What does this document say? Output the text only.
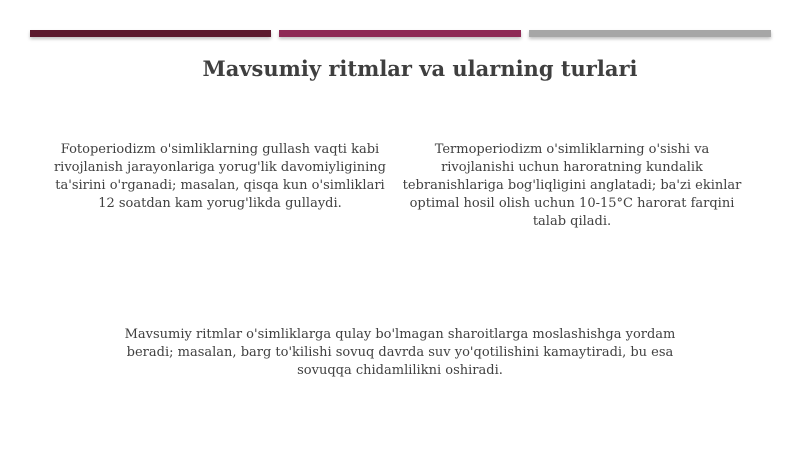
Mavsumiy ritmlar va ularning turlari

Fotoperiodizm o'simliklarning gullash vaqti kabi rivojlanish jarayonlariga yorug'lik davomiyligining ta'sirini o'rganadi; masalan, qisqa kun o'simliklari 12 soatdan kam yorug'likda gullaydi.

Termoperiodizm o'simliklarning o'sishi va rivojlanishi uchun haroratning kundalik tebranishlariga bog'liqligini anglatadi; ba'zi ekinlar optimal hosil olish uchun 10-15°C harorat farqini talab qiladi.

Mavsumiy ritmlar o'simliklarga qulay bo'lmagan sharoitlarga moslashishga yordam beradi; masalan, barg to'kilishi sovuq davrda suv yo'qotilishini kamaytiradi, bu esa sovuqqa chidamlilikni oshiradi.
